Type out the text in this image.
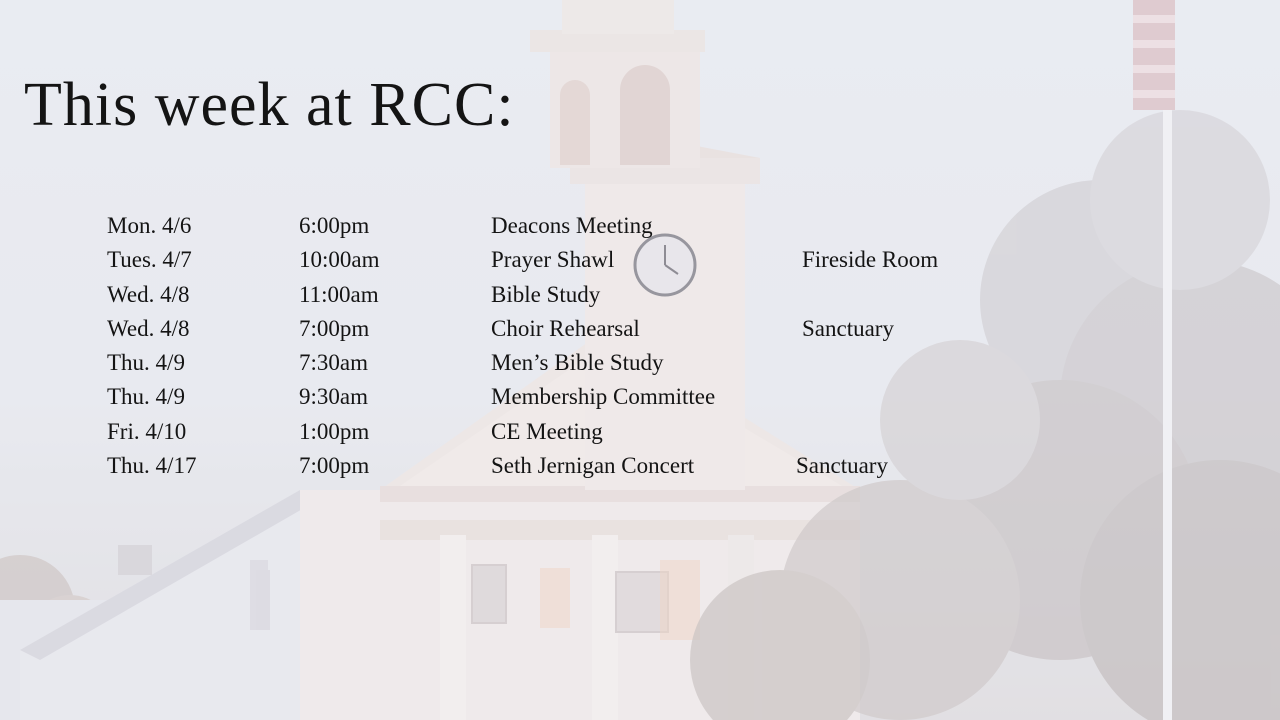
This week at RCC:
Mon. 4/6	6:00pm	Deacons Meeting
Tues. 4/7	10:00am	Prayer Shawl	Fireside Room
Wed. 4/8	11:00am	Bible Study
Wed. 4/8	7:00pm	Choir Rehearsal	Sanctuary
Thu. 4/9	7:30am	Men’s Bible Study
Thu. 4/9	9:30am	Membership Committee
Fri. 4/10	1:00pm	CE Meeting
Thu. 4/17	7:00pm	Seth Jernigan Concert	Sanctuary
